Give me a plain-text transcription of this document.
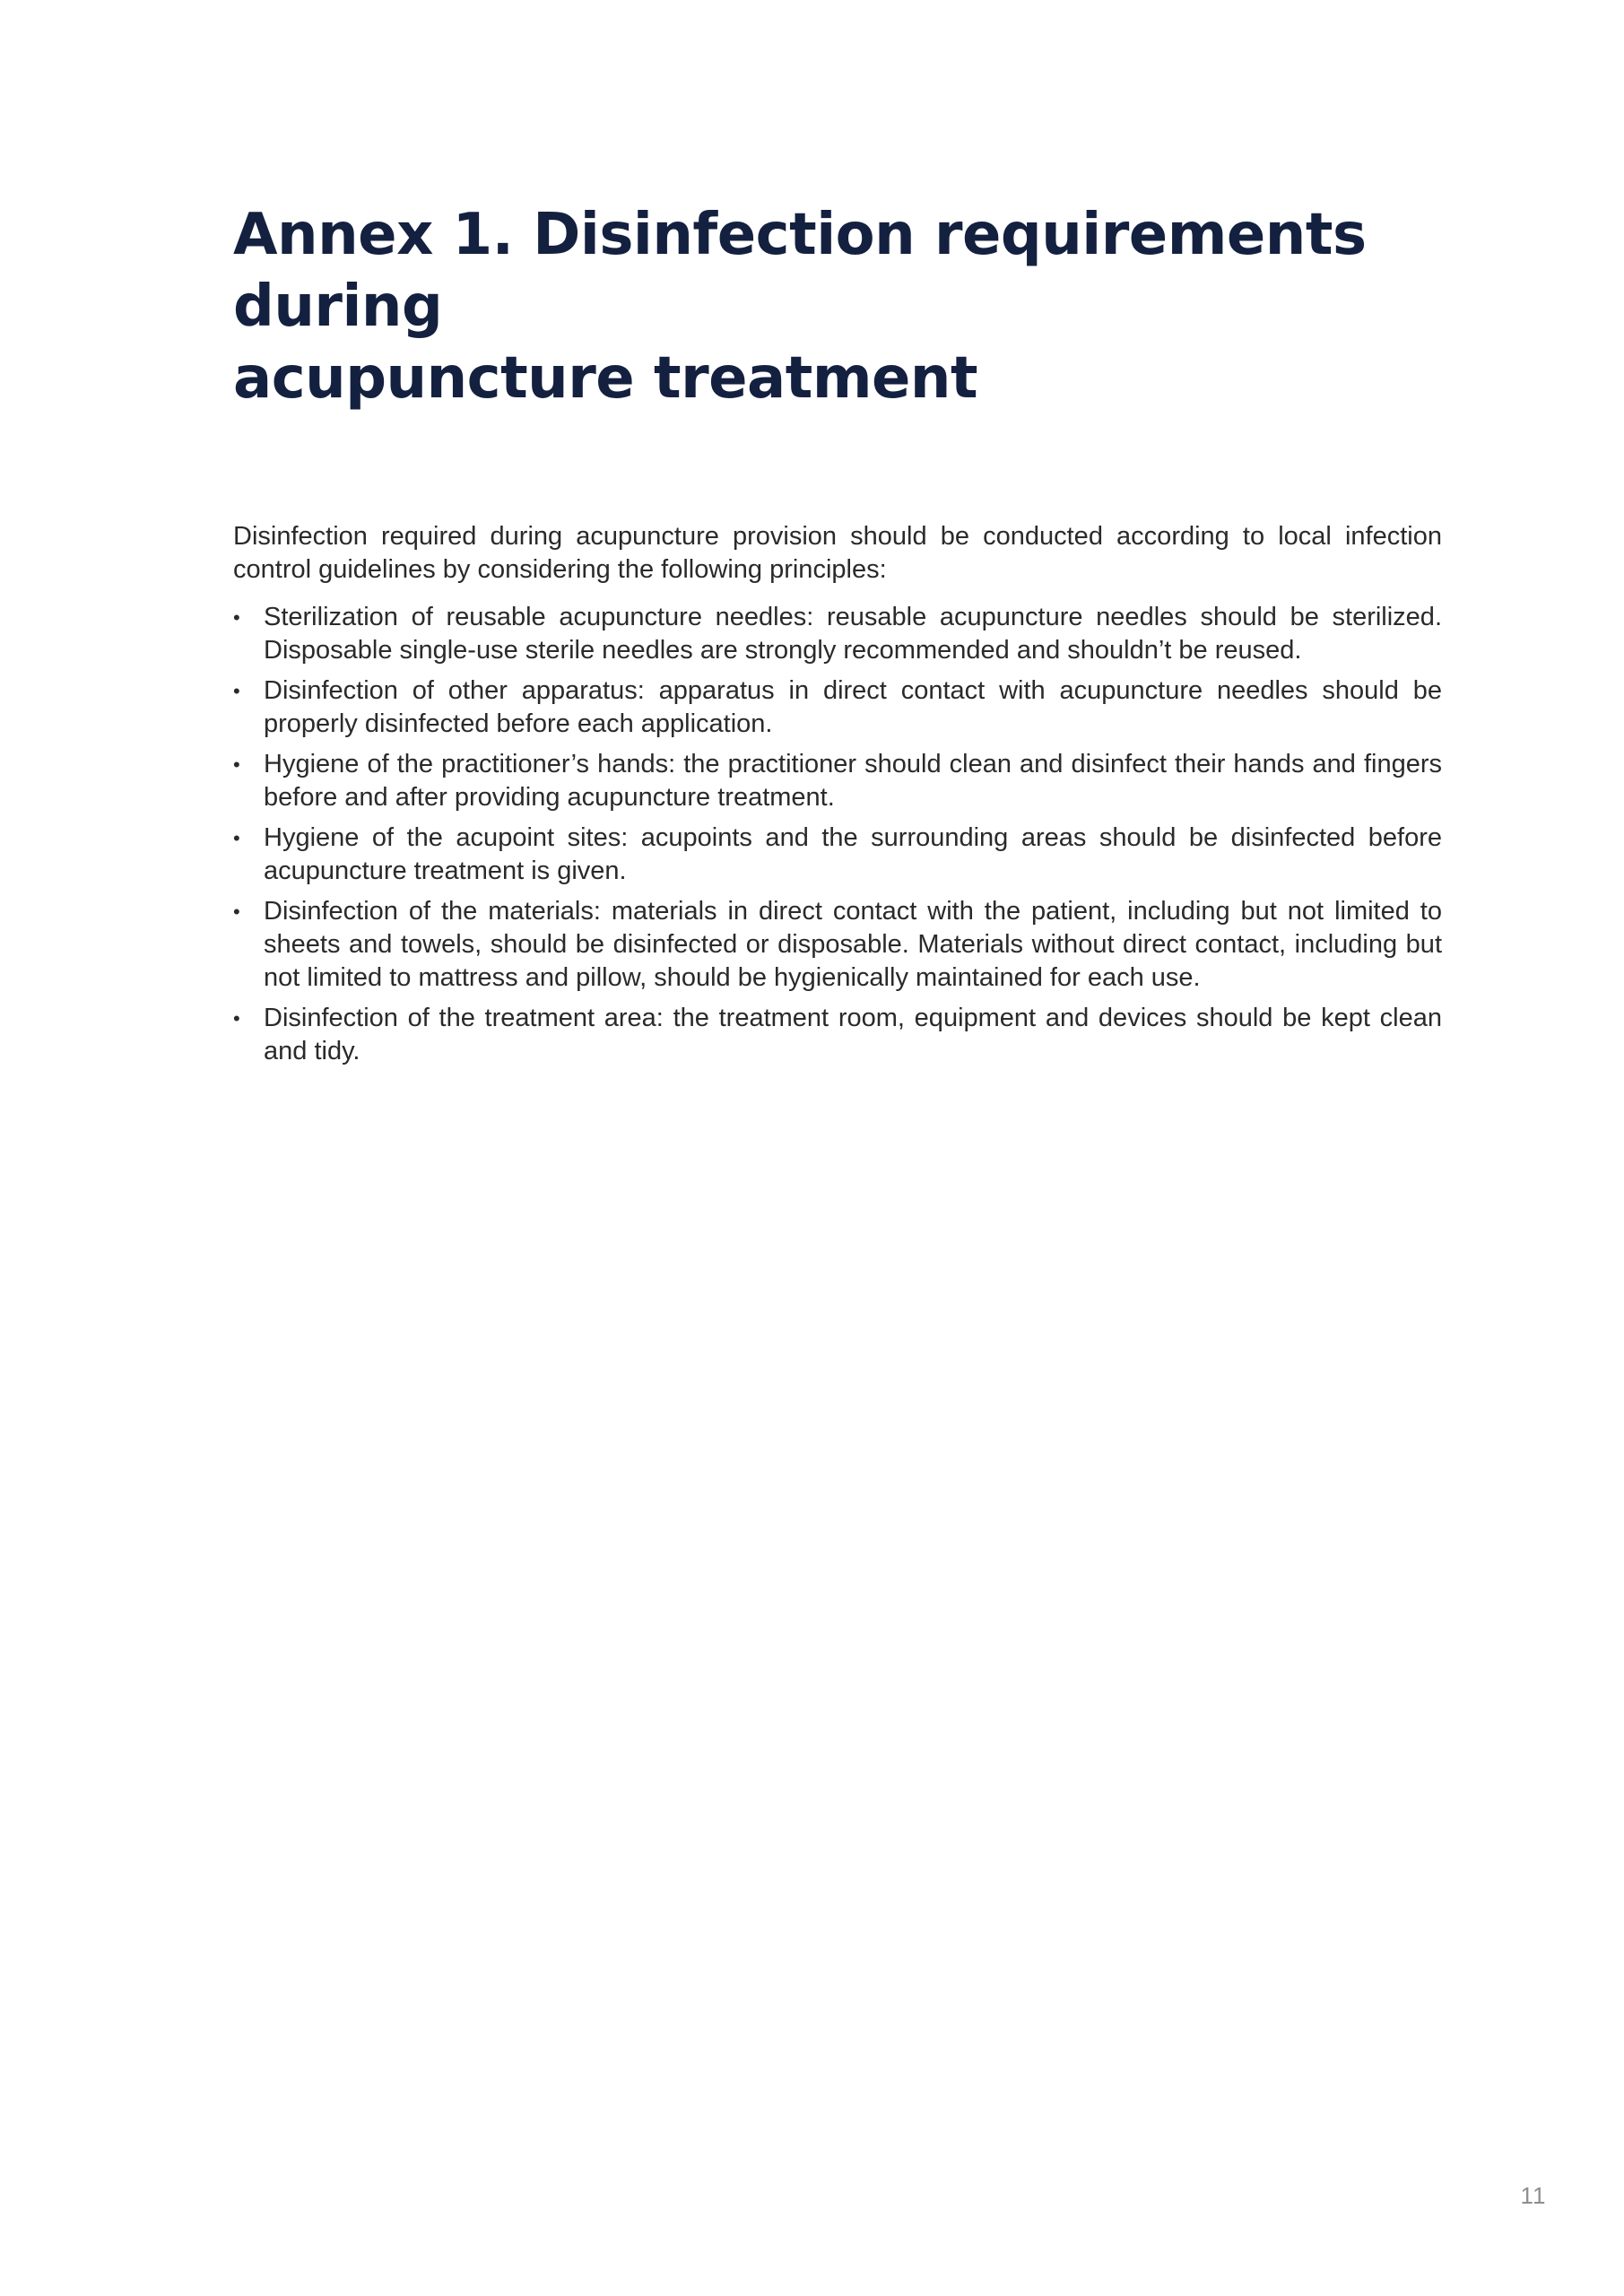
Annex 1. Disinfection requirements during
acupuncture treatment

Disinfection required during acupuncture provision should be conducted according to local infection
control guidelines by considering the following principles:

• Sterilization of reusable acupuncture needles: reusable acupuncture needles should be sterilized.
Disposable single-use sterile needles are strongly recommended and shouldn’t be reused.
• Disinfection of other apparatus: apparatus in direct contact with acupuncture needles should be
properly disinfected before each application.
• Hygiene of the practitioner’s hands: the practitioner should clean and disinfect their hands and fingers
before and after providing acupuncture treatment.
• Hygiene of the acupoint sites: acupoints and the surrounding areas should be disinfected before
acupuncture treatment is given.
• Disinfection of the materials: materials in direct contact with the patient, including but not limited to
sheets and towels, should be disinfected or disposable. Materials without direct contact, including but
not limited to mattress and pillow, should be hygienically maintained for each use.
• Disinfection of the treatment area: the treatment room, equipment and devices should be kept clean
and tidy.
11
